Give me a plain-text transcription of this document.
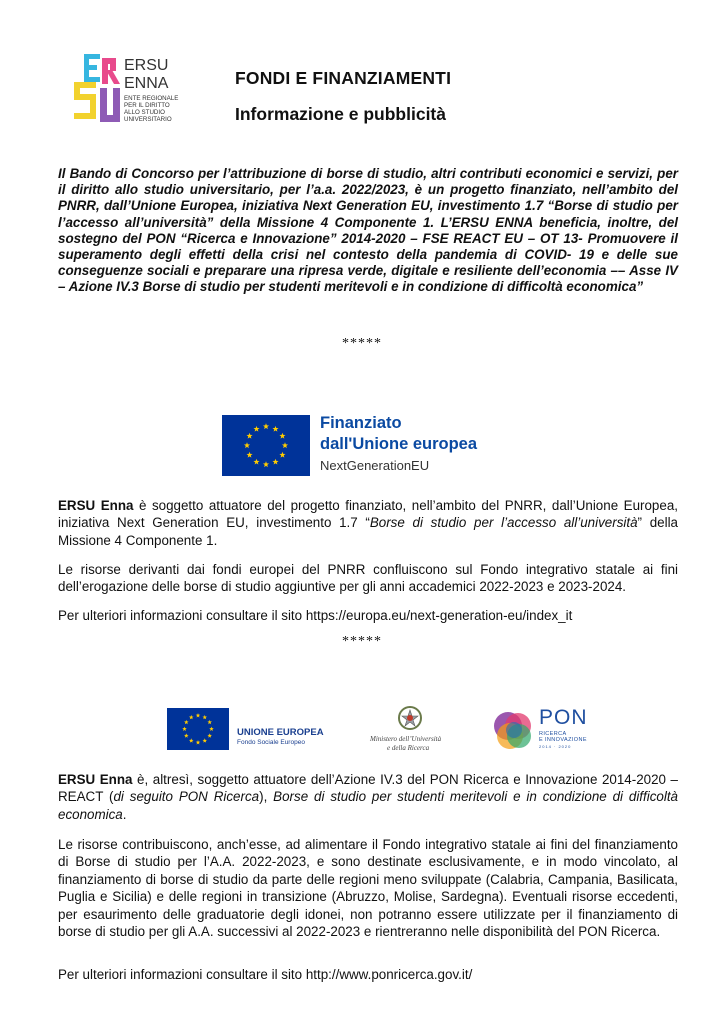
ERSU
ENNA
ENTE REGIONALE
PER IL DIRITTO
ALLO STUDIO
UNIVERSITARIO
FONDI E FINANZIAMENTI
Informazione e pubblicità

Il Bando di Concorso per l’attribuzione di borse di studio, altri contributi economici e servizi, per il diritto allo studio universitario, per l’a.a. 2022/2023, è un progetto finanziato, nell’ambito del PNRR, dall’Unione Europea, iniziativa Next Generation EU, investimento 1.7 “Borse di studio per l’accesso all’università” della Missione 4 Componente 1. L’ERSU ENNA beneficia, inoltre, del sostegno del PON “Ricerca e Innovazione” 2014-2020 – FSE REACT EU – OT 13- Promuovere il superamento degli effetti della crisi nel contesto della pandemia di COVID- 19 e delle sue conseguenze sociali e preparare una ripresa verde, digitale e resiliente dell’economia –– Asse IV – Azione IV.3 Borse di studio per studenti meritevoli e in condizione di difficoltà economica”

*****
Finanziato
dall'Unione europea
NextGenerationEU

ERSU Enna è soggetto attuatore del progetto finanziato, nell’ambito del PNRR, dall’Unione Europea, iniziativa Next Generation EU, investimento 1.7 “Borse di studio per l’accesso all’università” della Missione 4 Componente 1.

Le risorse derivanti dai fondi europei del PNRR confluiscono sul Fondo integrativo statale ai fini dell’erogazione delle borse di studio aggiuntive per gli anni accademici 2022-2023 e 2023-2024.

Per ulteriori informazioni consultare il sito https://europa.eu/next-generation-eu/index_it

*****
UNIONE EUROPEA
Fondo Sociale Europeo	Ministero dell’Università
e della Ricerca
PON
RICERCA
E INNOVAZIONE
2014 · 2020

ERSU Enna è, altresì, soggetto attuatore dell’Azione IV.3 del PON Ricerca e Innovazione 2014-2020 – REACT (di seguito PON Ricerca), Borse di studio per studenti meritevoli e in condizione di difficoltà economica.

Le risorse contribuiscono, anch’esse, ad alimentare il Fondo integrativo statale ai fini del finanziamento di Borse di studio per l’A.A. 2022-2023, e sono destinate esclusivamente, e in modo vincolato, al finanziamento di borse di studio da parte delle regioni meno sviluppate (Calabria, Campania, Basilicata, Puglia e Sicilia) e delle regioni in transizione (Abruzzo, Molise, Sardegna). Eventuali risorse eccedenti, per esaurimento delle graduatorie degli idonei, non potranno essere utilizzate per il finanziamento di borse di studio per gli A.A. successivi al 2022-2023 e rientreranno nelle disponibilità del PON Ricerca.

Per ulteriori informazioni consultare il sito http://www.ponricerca.gov.it/
